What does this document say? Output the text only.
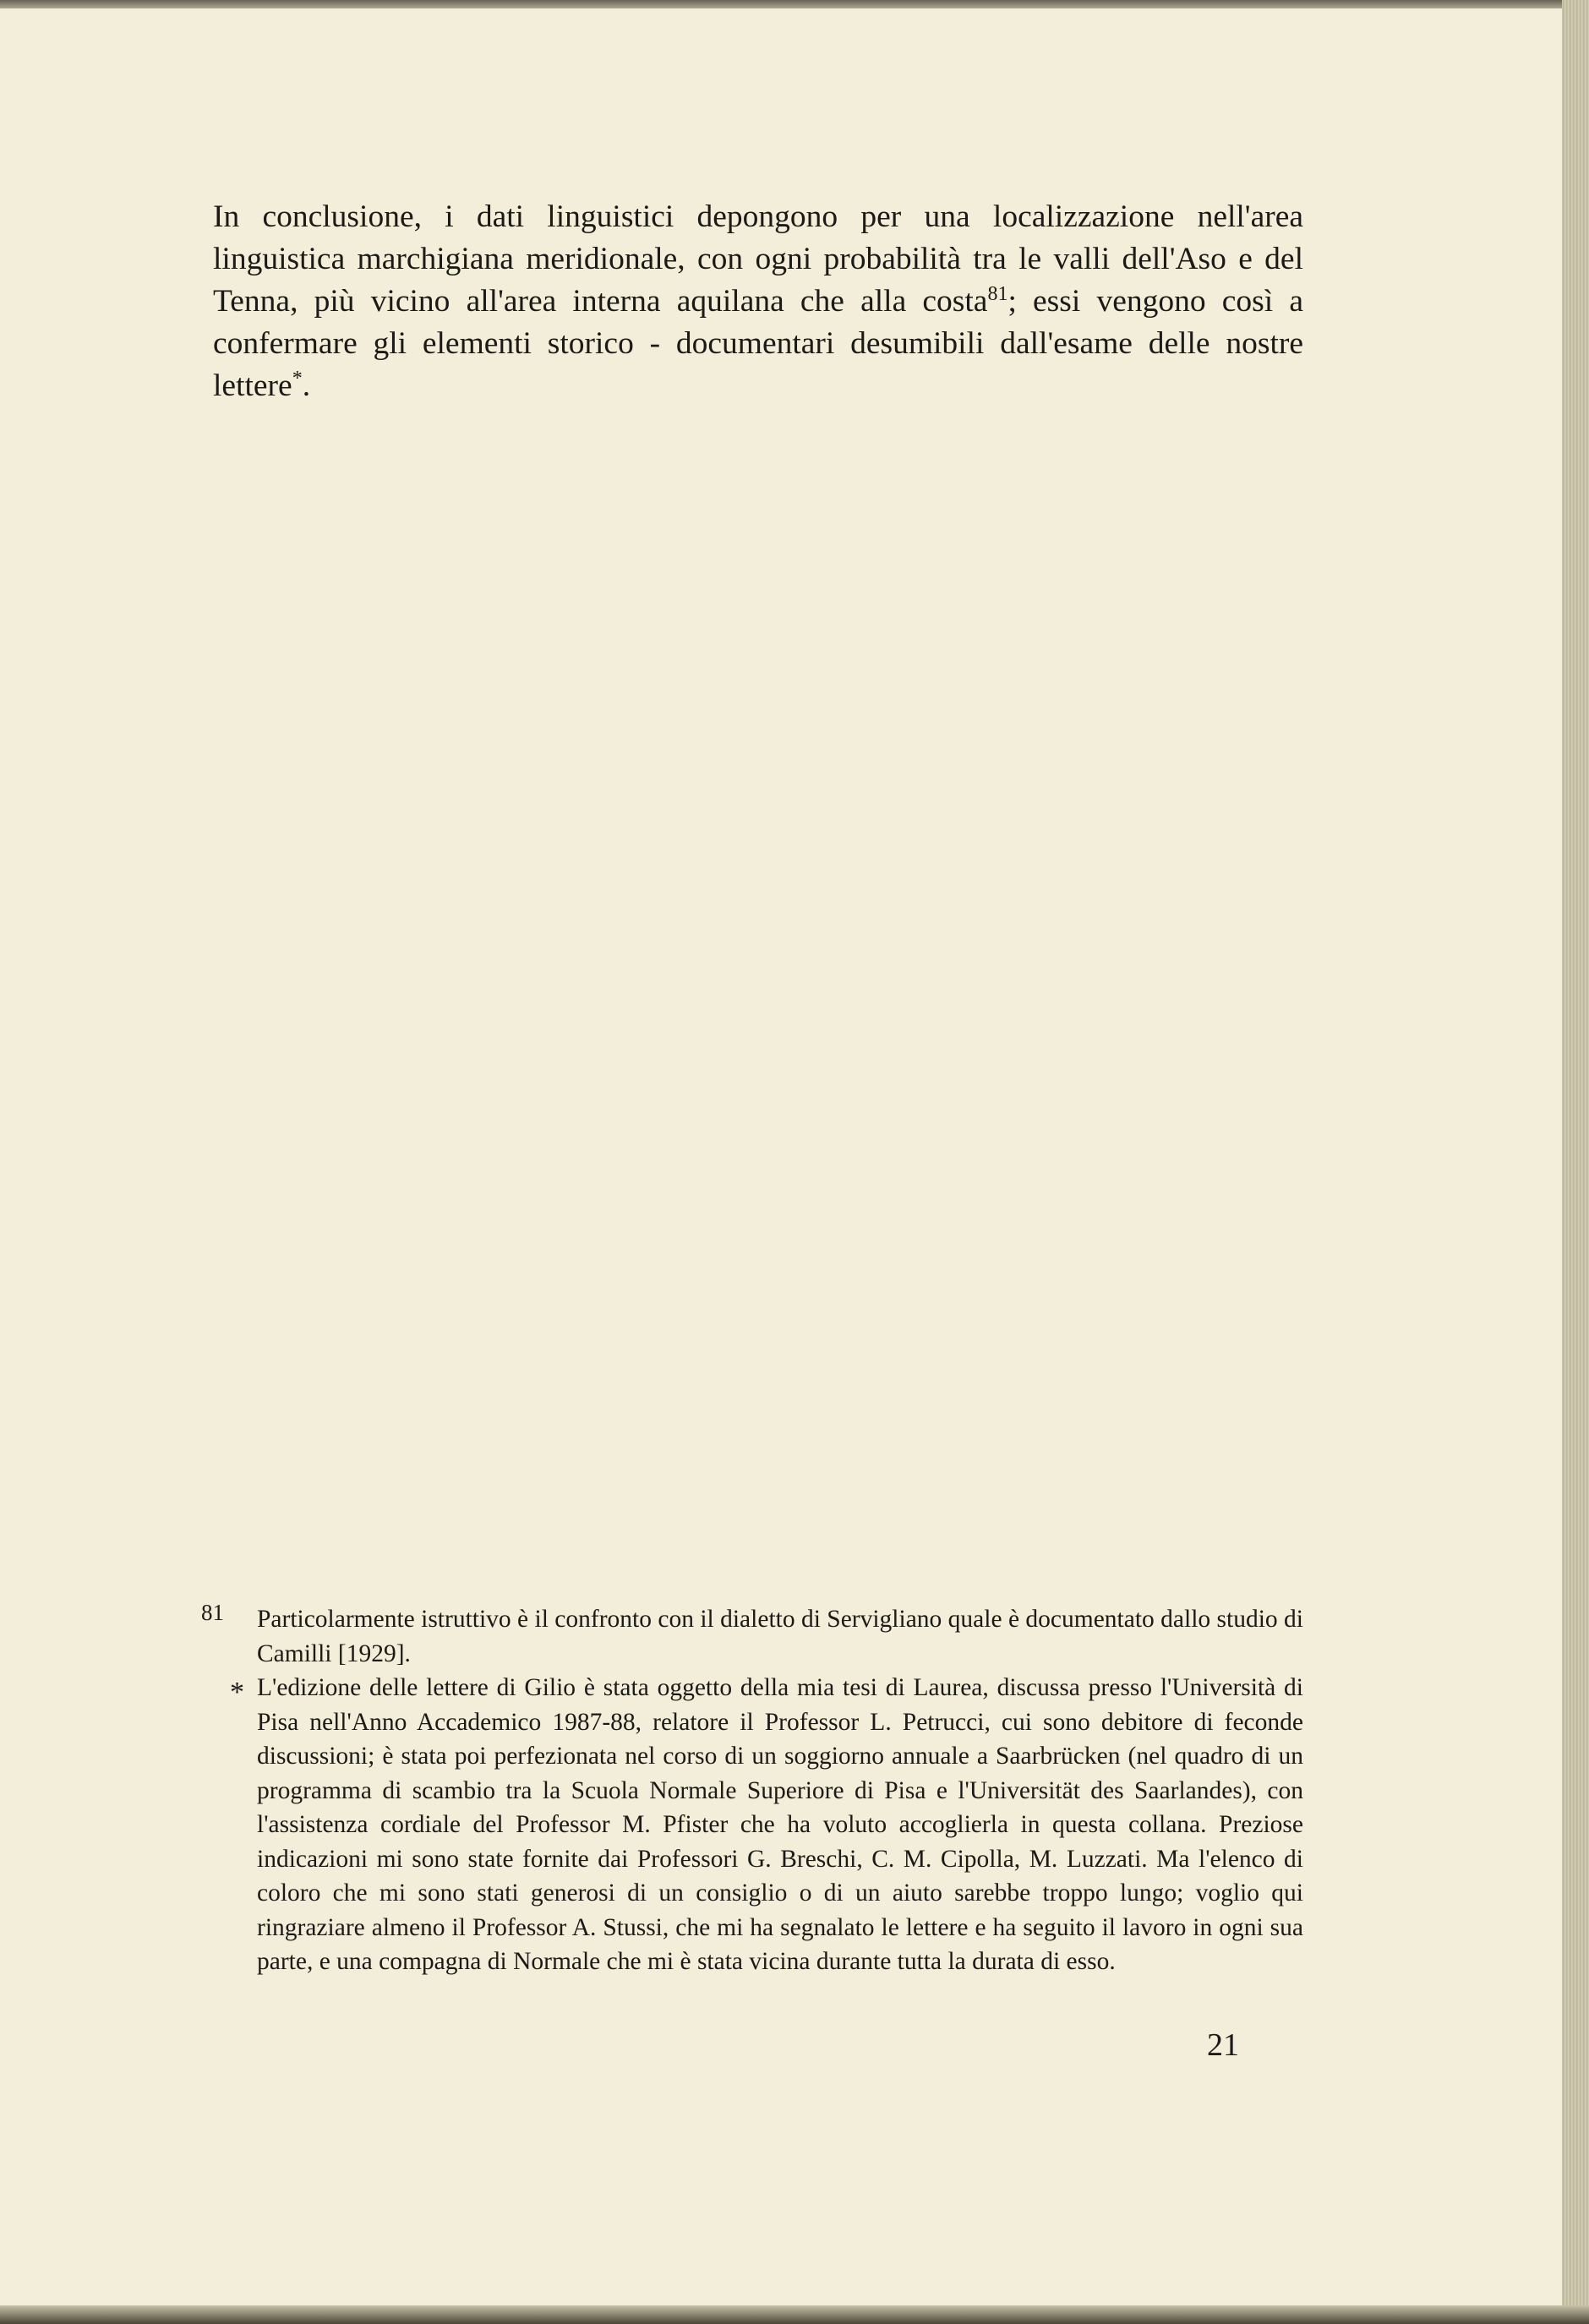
In conclusione, i dati linguistici depongono per una localizzazione nell'area linguistica marchigiana meridionale, con ogni probabilità tra le valli dell'Aso e del Tenna, più vicino all'area interna aquilana che alla costa$^{81}$; essi vengono così a confermare gli elementi storico - documentari desumibili dall'esame delle nostre lettere*.

81 Particolarmente istruttivo è il confronto con il dialetto di Servigliano quale è documentato dallo studio di Camilli [1929].
* L'edizione delle lettere di Gilio è stata oggetto della mia tesi di Laurea, discussa presso l'Università di Pisa nell'Anno Accademico 1987-88, relatore il Professor L. Petrucci, cui sono debitore di feconde discussioni; è stata poi perfezionata nel corso di un soggiorno annuale a Saarbrücken (nel quadro di un programma di scambio tra la Scuola Normale Superiore di Pisa e l'Universität des Saarlandes), con l'assistenza cordiale del Professor M. Pfister che ha voluto accoglierla in questa collana. Preziose indicazioni mi sono state fornite dai Professori G. Breschi, C. M. Cipolla, M. Luzzati. Ma l'elenco di coloro che mi sono stati generosi di un consiglio o di un aiuto sarebbe troppo lungo; voglio qui ringraziare almeno il Professor A. Stussi, che mi ha segnalato le lettere e ha seguito il lavoro in ogni sua parte, e una compagna di Normale che mi è stata vicina durante tutta la durata di esso.
21
